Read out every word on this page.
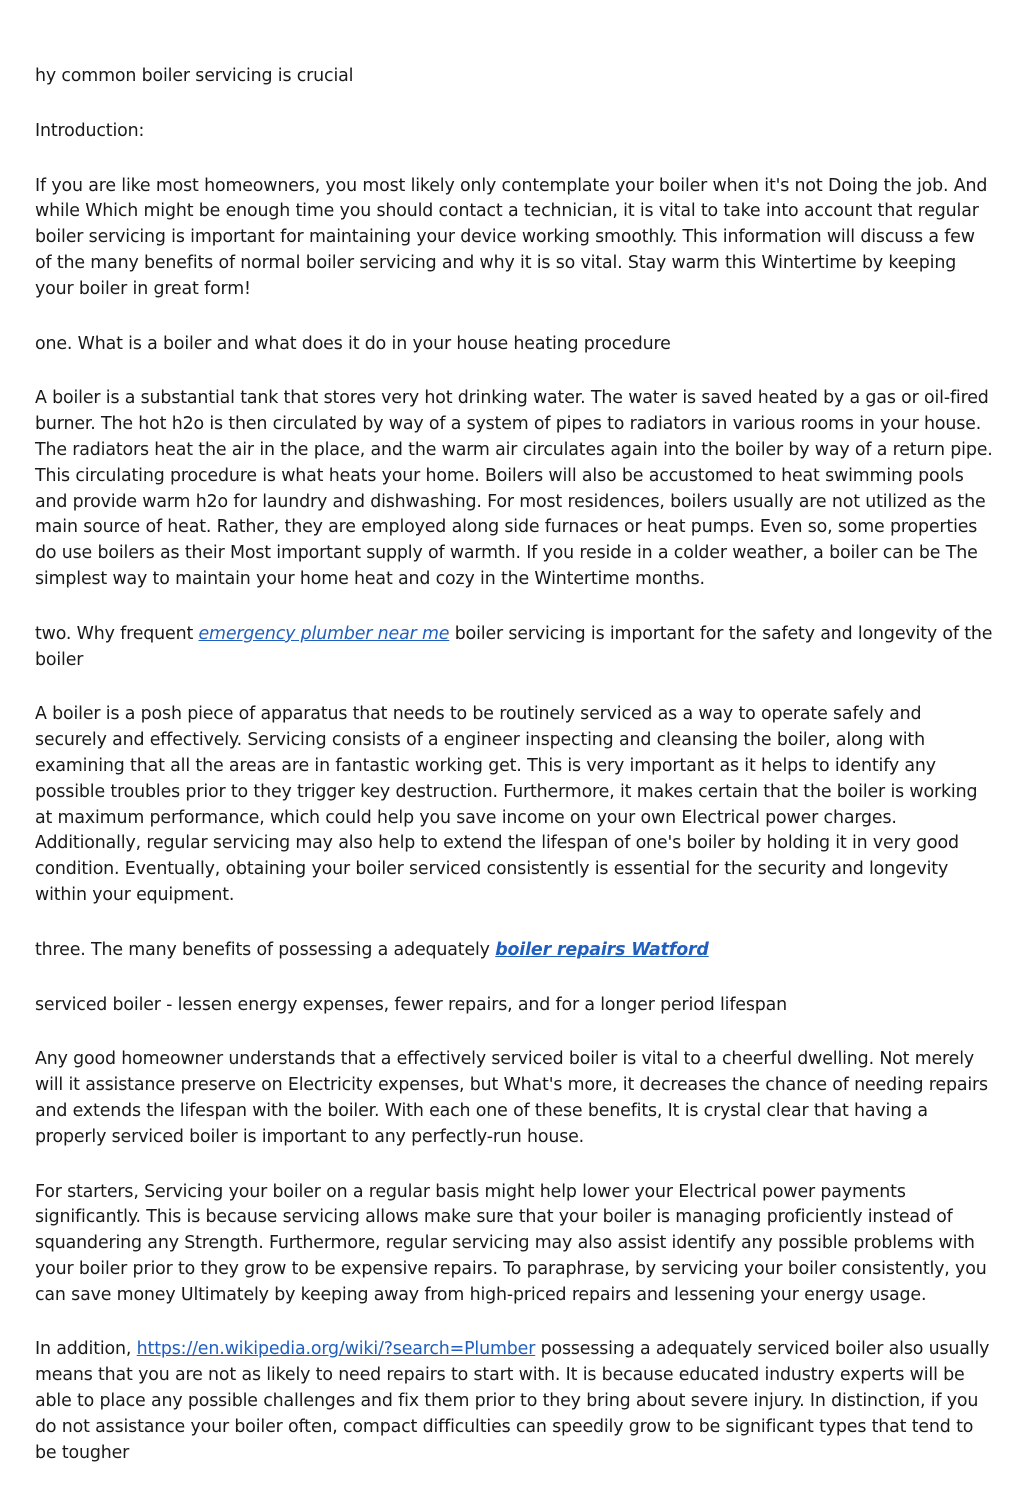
hy common boiler servicing is crucial

Introduction:

If you are like most homeowners, you most likely only contemplate your boiler when it's not Doing the job. And while Which might be enough time you should contact a technician, it is vital to take into account that regular boiler servicing is important for maintaining your device working smoothly. This information will discuss a few of the many benefits of normal boiler servicing and why it is so vital. Stay warm this Wintertime by keeping your boiler in great form!

one. What is a boiler and what does it do in your house heating procedure

A boiler is a substantial tank that stores very hot drinking water. The water is saved heated by a gas or oil-fired burner. The hot h2o is then circulated by way of a system of pipes to radiators in various rooms in your house. The radiators heat the air in the place, and the warm air circulates again into the boiler by way of a return pipe. This circulating procedure is what heats your home. Boilers will also be accustomed to heat swimming pools and provide warm h2o for laundry and dishwashing. For most residences, boilers usually are not utilized as the main source of heat. Rather, they are employed along side furnaces or heat pumps. Even so, some properties do use boilers as their Most important supply of warmth. If you reside in a colder weather, a boiler can be The simplest way to maintain your home heat and cozy in the Wintertime months.

two. Why frequent emergency plumber near me boiler servicing is important for the safety and longevity of the boiler

A boiler is a posh piece of apparatus that needs to be routinely serviced as a way to operate safely and securely and effectively. Servicing consists of a engineer inspecting and cleansing the boiler, along with examining that all the areas are in fantastic working get. This is very important as it helps to identify any possible troubles prior to they trigger key destruction. Furthermore, it makes certain that the boiler is working at maximum performance, which could help you save income on your own Electrical power charges. Additionally, regular servicing may also help to extend the lifespan of one's boiler by holding it in very good condition. Eventually, obtaining your boiler serviced consistently is essential for the security and longevity within your equipment.

three. The many benefits of possessing a adequately boiler repairs Watford

serviced boiler - lessen energy expenses, fewer repairs, and for a longer period lifespan

Any good homeowner understands that a effectively serviced boiler is vital to a cheerful dwelling. Not merely will it assistance preserve on Electricity expenses, but What's more, it decreases the chance of needing repairs and extends the lifespan with the boiler. With each one of these benefits, It is crystal clear that having a properly serviced boiler is important to any perfectly-run house.

For starters, Servicing your boiler on a regular basis might help lower your Electrical power payments significantly. This is because servicing allows make sure that your boiler is managing proficiently instead of squandering any Strength. Furthermore, regular servicing may also assist identify any possible problems with your boiler prior to they grow to be expensive repairs. To paraphrase, by servicing your boiler consistently, you can save money Ultimately by keeping away from high-priced repairs and lessening your energy usage.

In addition, https://en.wikipedia.org/wiki/?search=Plumber possessing a adequately serviced boiler also usually means that you are not as likely to need repairs to start with. It is because educated industry experts will be able to place any possible challenges and fix them prior to they bring about severe injury. In distinction, if you do not assistance your boiler often, compact difficulties can speedily grow to be significant types that tend to be tougher
